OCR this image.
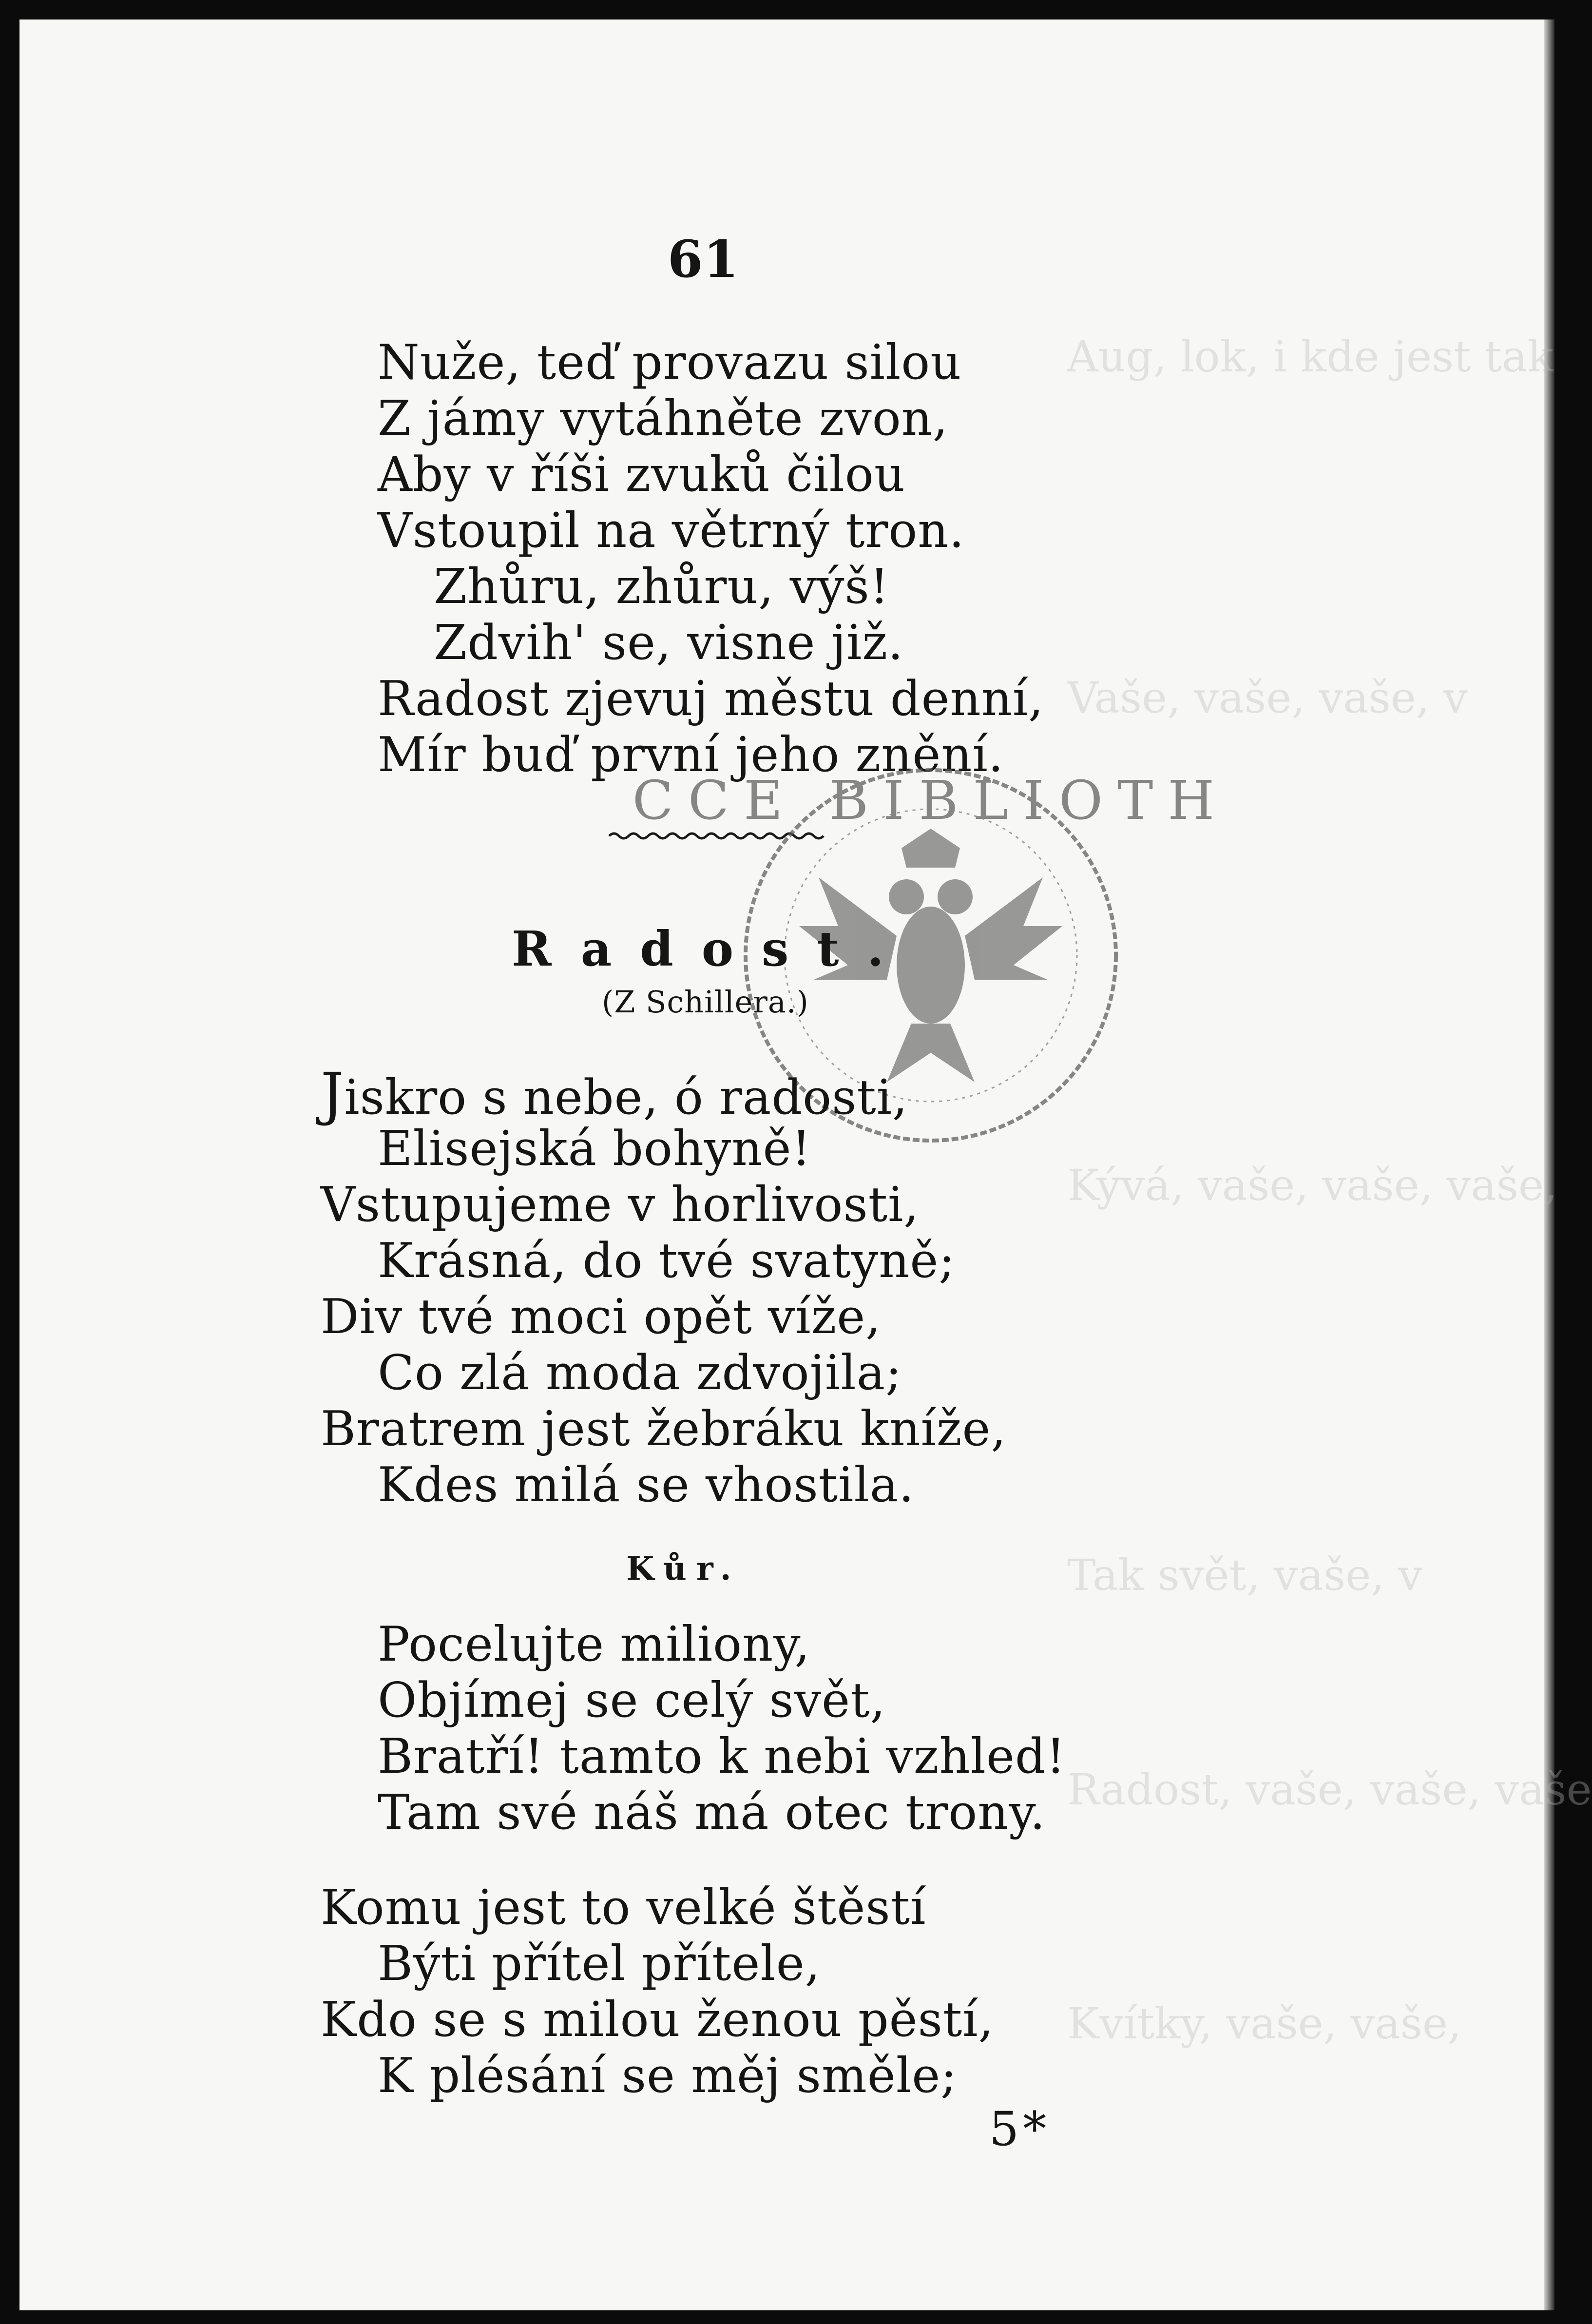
Aug, lok, i kde jest tak
Vaše, vaše, vaše, v
Kývá, vaše, vaše, vaše,
Tak svět, vaše, v
Radost, vaše, vaše, vaše
Kvítky, vaše, vaše,
61
Nuže, teď provazu silou
Z jámy vytáhněte zvon,
Aby v říši zvuků čilou
Vstoupil na větrný tron.
Zhůru, zhůru, výš!
Zdvih' se, visne již.
Radost zjevuj městu denní,
Mír buď první jeho znění.
CCE BIBLIOTH
Radost.
(Z Schillera.)
Jiskro s nebe, ó radosti,
Elisejská bohyně!
Vstupujeme v horlivosti,
Krásná, do tvé svatyně;
Div tvé moci opět víže,
Co zlá moda zdvojila;
Bratrem jest žebráku kníže,
Kdes milá se vhostila.
Kůr.
Pocelujte miliony,
Objímej se celý svět,
Bratří! tamto k nebi vzhled!
Tam své náš má otec trony.
Komu jest to velké štěstí
Býti přítel přítele,
Kdo se s milou ženou pěstí,
K plésání se měj směle;
5*
